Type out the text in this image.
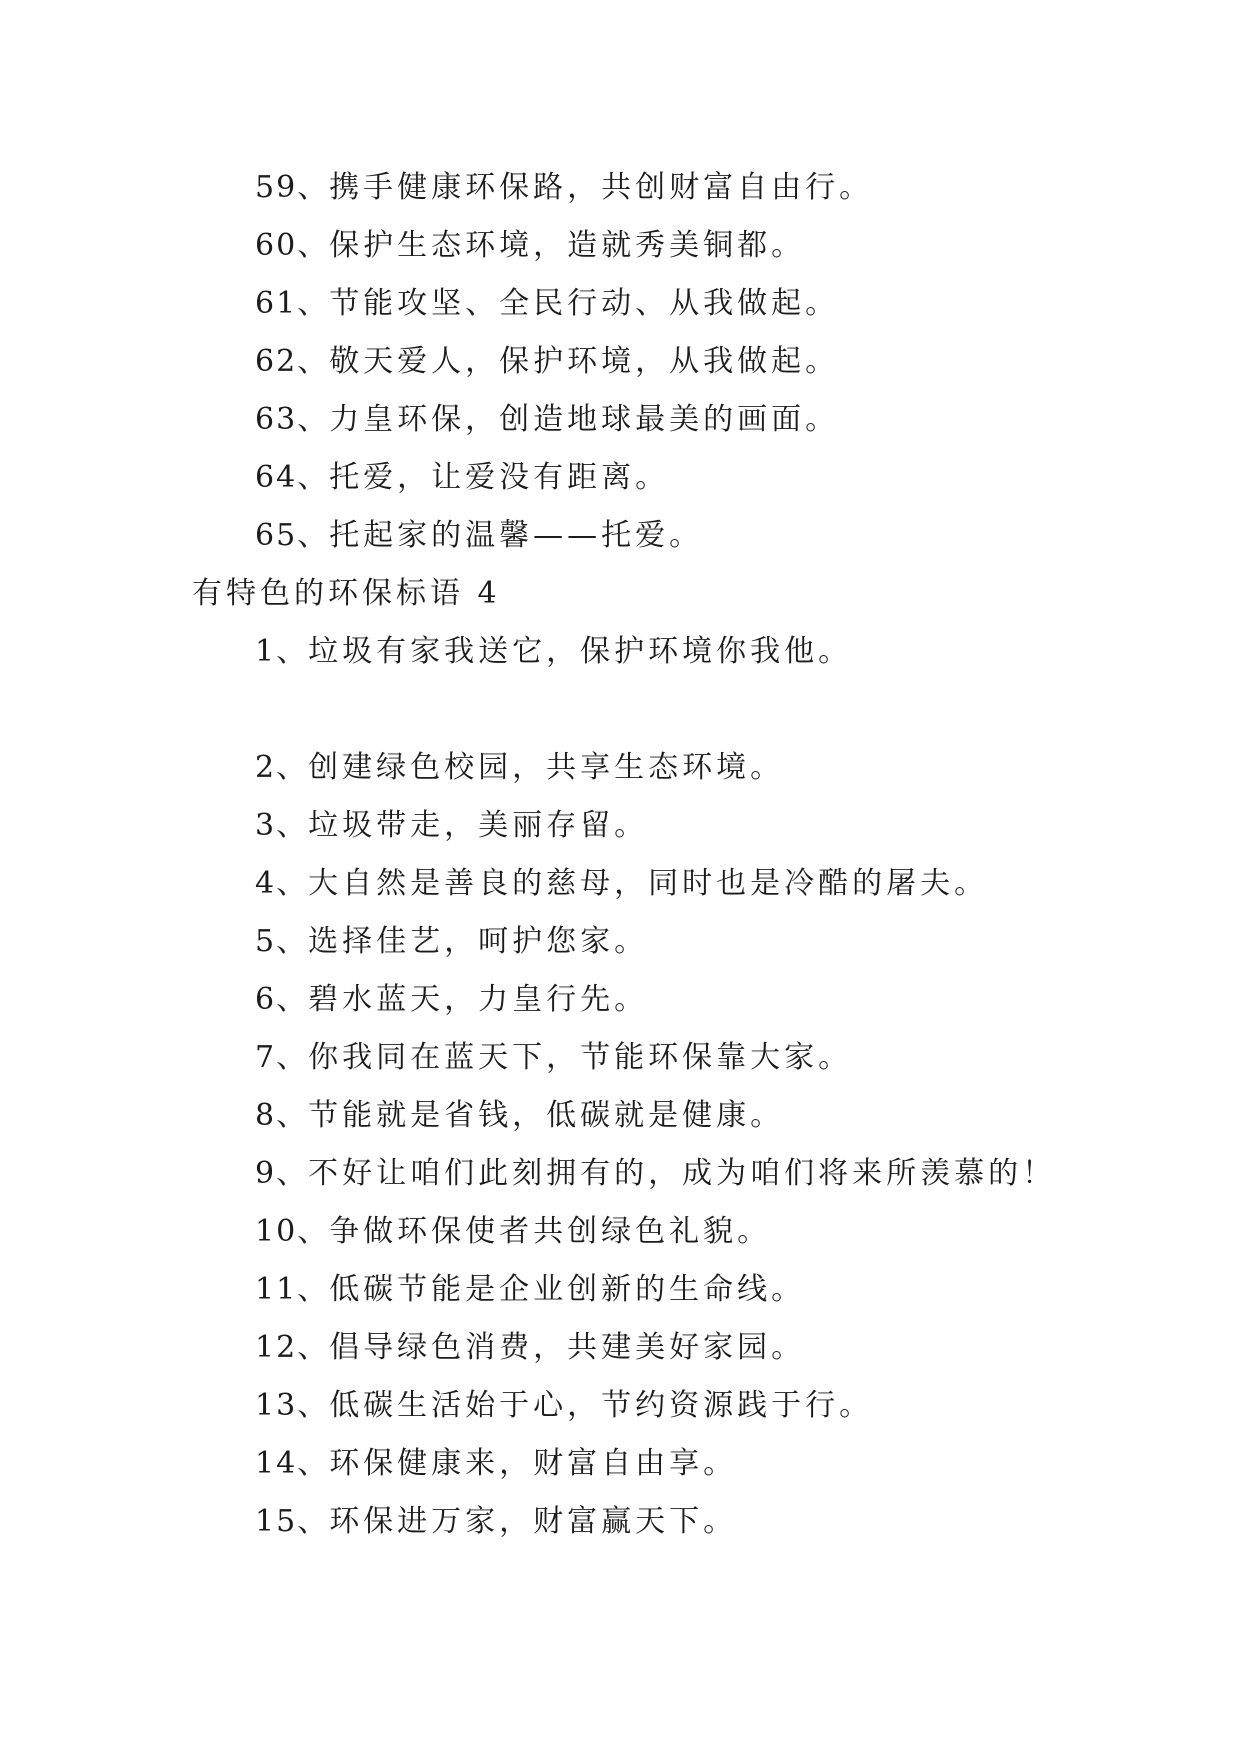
59、携手健康环保路，共创财富自由行。
60、保护生态环境，造就秀美铜都。
61、节能攻坚、全民行动、从我做起。
62、敬天爱人，保护环境，从我做起。
63、力皇环保，创造地球最美的画面。
64、托爱，让爱没有距离。
65、托起家的温馨——托爱。
有特色的环保标语 4
1、垃圾有家我送它，保护环境你我他。
2、创建绿色校园，共享生态环境。
3、垃圾带走，美丽存留。
4、大自然是善良的慈母，同时也是冷酷的屠夫。
5、选择佳艺，呵护您家。
6、碧水蓝天，力皇行先。
7、你我同在蓝天下，节能环保靠大家。
8、节能就是省钱，低碳就是健康。
9、不好让咱们此刻拥有的，成为咱们将来所羡慕的！
10、争做环保使者共创绿色礼貌。
11、低碳节能是企业创新的生命线。
12、倡导绿色消费，共建美好家园。
13、低碳生活始于心，节约资源践于行。
14、环保健康来，财富自由享。
15、环保进万家，财富赢天下。
